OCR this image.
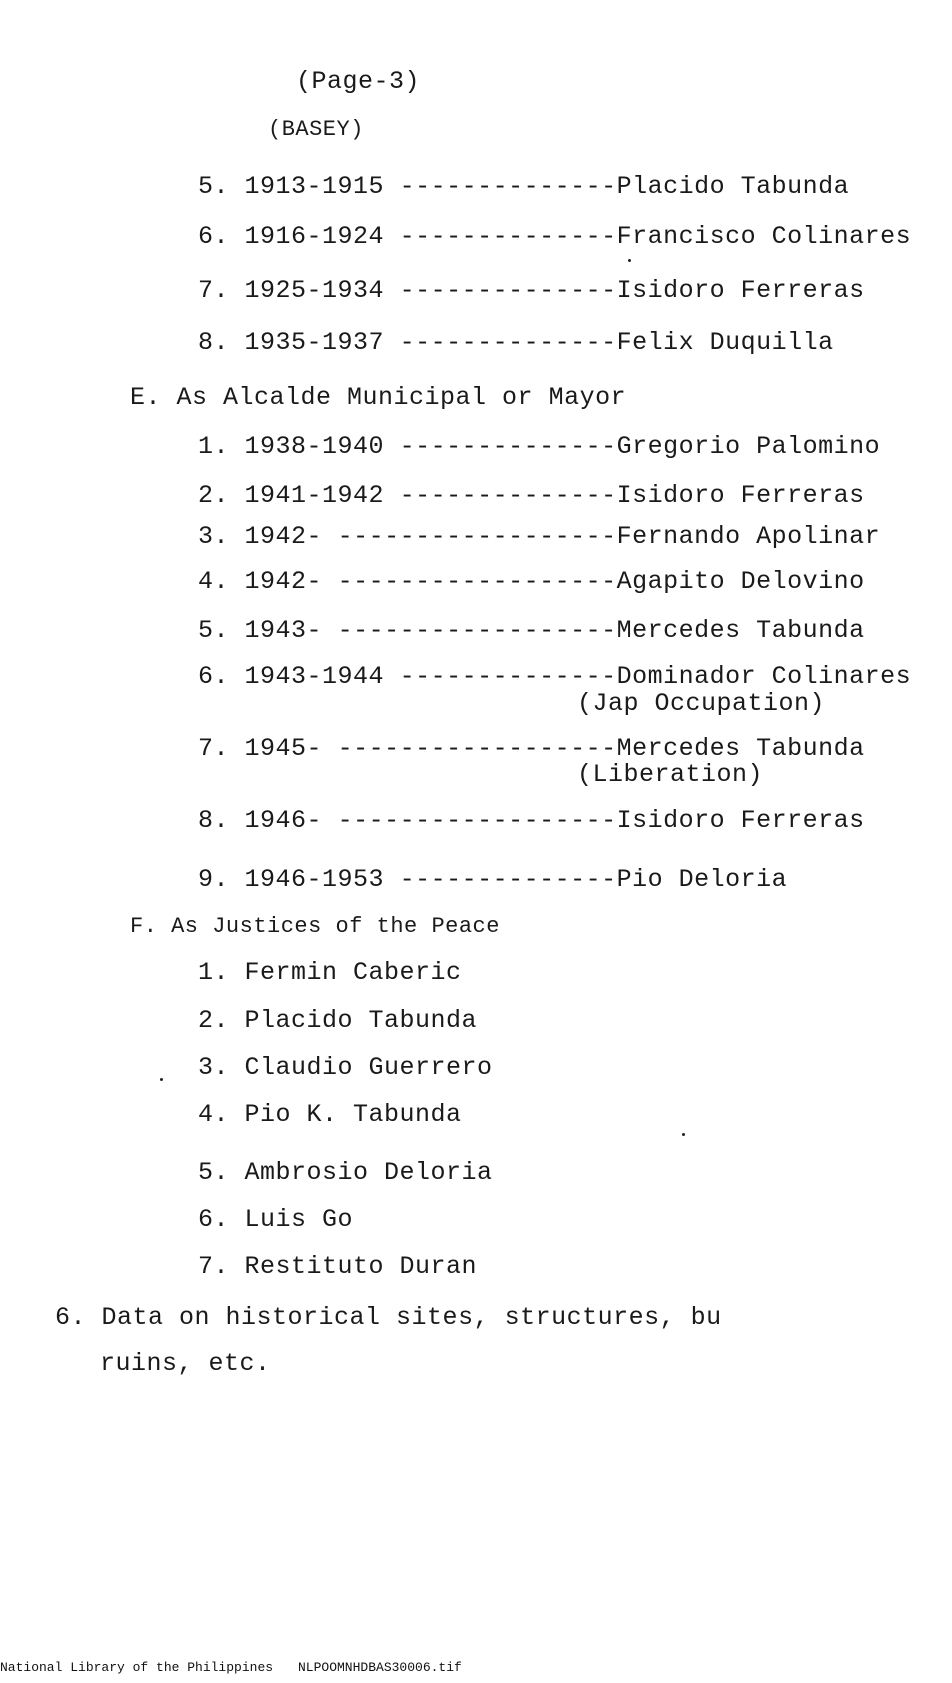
(Page-3)
(BASEY)
5. 1913-1915 --------------Placido Tabunda
6. 1916-1924 --------------Francisco Colinares
7. 1925-1934 --------------Isidoro Ferreras
8. 1935-1937 --------------Felix Duquilla
E. As Alcalde Municipal or Mayor
1. 1938-1940 --------------Gregorio Palomino
2. 1941-1942 --------------Isidoro Ferreras
3. 1942- ------------------Fernando Apolinar
4. 1942- ------------------Agapito Delovino
5. 1943- ------------------Mercedes Tabunda
6. 1943-1944 --------------Dominador Colinares
(Jap Occupation)
7. 1945- ------------------Mercedes Tabunda
(Liberation)
8. 1946- ------------------Isidoro Ferreras
9. 1946-1953 --------------Pio Deloria
F. As Justices of the Peace
1. Fermin Caberic
2. Placido Tabunda
3. Claudio Guerrero
4. Pio K. Tabunda
5. Ambrosio Deloria
6. Luis Go
7. Restituto Duran
6. Data on historical sites, structures, bu
ruins, etc.
National Library of the Philippines NLPOOMNHDBAS30006.tif
